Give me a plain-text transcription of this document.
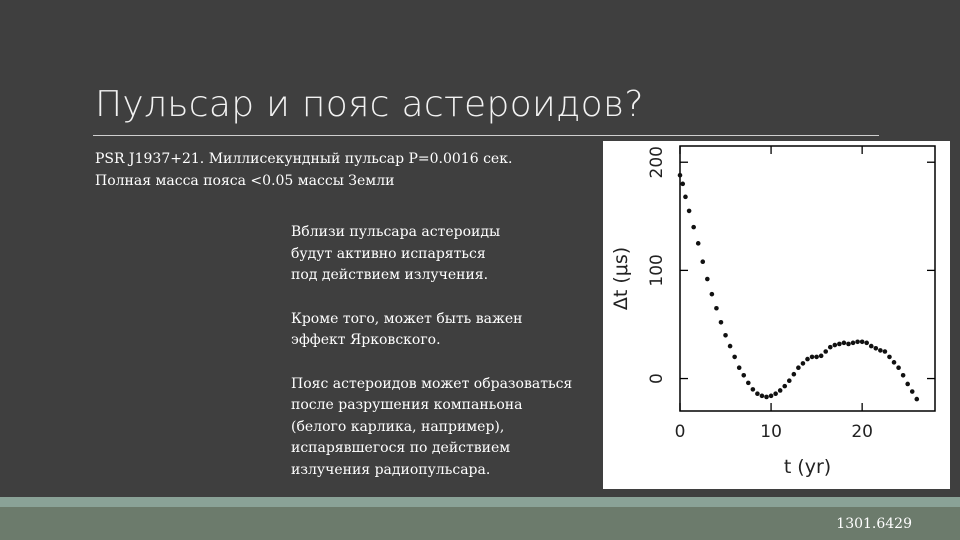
Пульсар и пояс астероидов?
PSR J1937+21. Миллисекундный пульсар P=0.0016 сек.
Полная масса пояса <0.05 массы Земли

Вблизи пульсара астероиды
будут активно испаряться
под действием излучения.

Кроме того, может быть важен
эффект Ярковского.

Пояс астероидов может образоваться
после разрушения компаньона
(белого карлика, например),
испарявшегося по действием
излучения радиопульсара.

0	10	20
0
100
200
t (yr)
Δt (μs)
1301.6429
